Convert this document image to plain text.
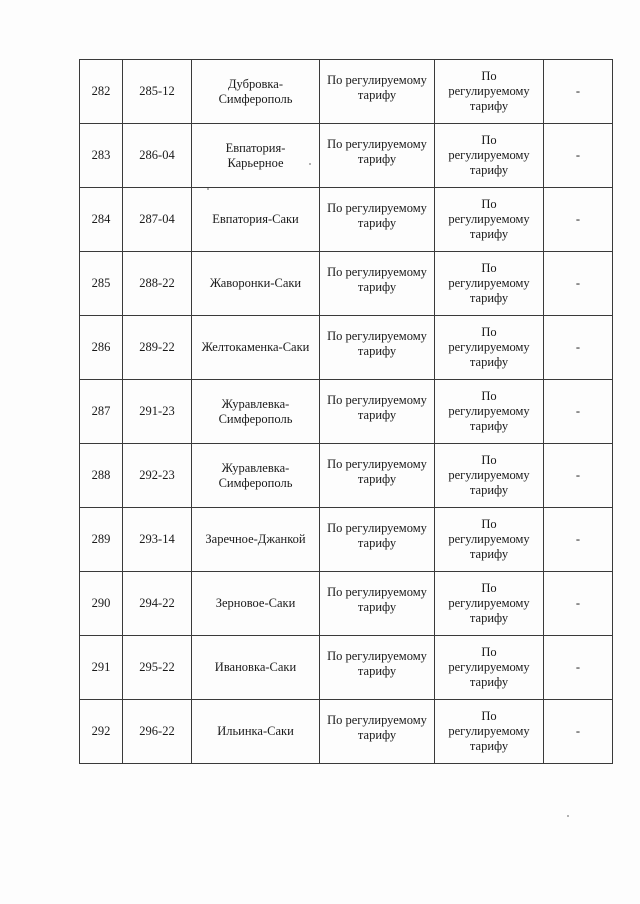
282	285-12	Дубровка-
Симферополь	По регулируемому тарифу	По
регулируемому
тарифу	-
283	286-04	Евпатория-
Карьерное	По регулируемому тарифу	По
регулируемому
тарифу	-
284	287-04	Евпатория-Саки	По регулируемому тарифу	По
регулируемому
тарифу	-
285	288-22	Жаворонки-Саки	По регулируемому тарифу	По
регулируемому
тарифу	-
286	289-22	Желтокаменка-Саки	По регулируемому тарифу	По
регулируемому
тарифу	-
287	291-23	Журавлевка-
Симферополь	По регулируемому тарифу	По
регулируемому
тарифу	-
288	292-23	Журавлевка-
Симферополь	По регулируемому тарифу	По
регулируемому
тарифу	-
289	293-14	Заречное-Джанкой	По регулируемому тарифу	По
регулируемому
тарифу	-
290	294-22	Зерновое-Саки	По регулируемому тарифу	По
регулируемому
тарифу	-
291	295-22	Ивановка-Саки	По регулируемому тарифу	По
регулируемому
тарифу	-
292	296-22	Ильинка-Саки	По регулируемому тарифу	По
регулируемому
тарифу	-
